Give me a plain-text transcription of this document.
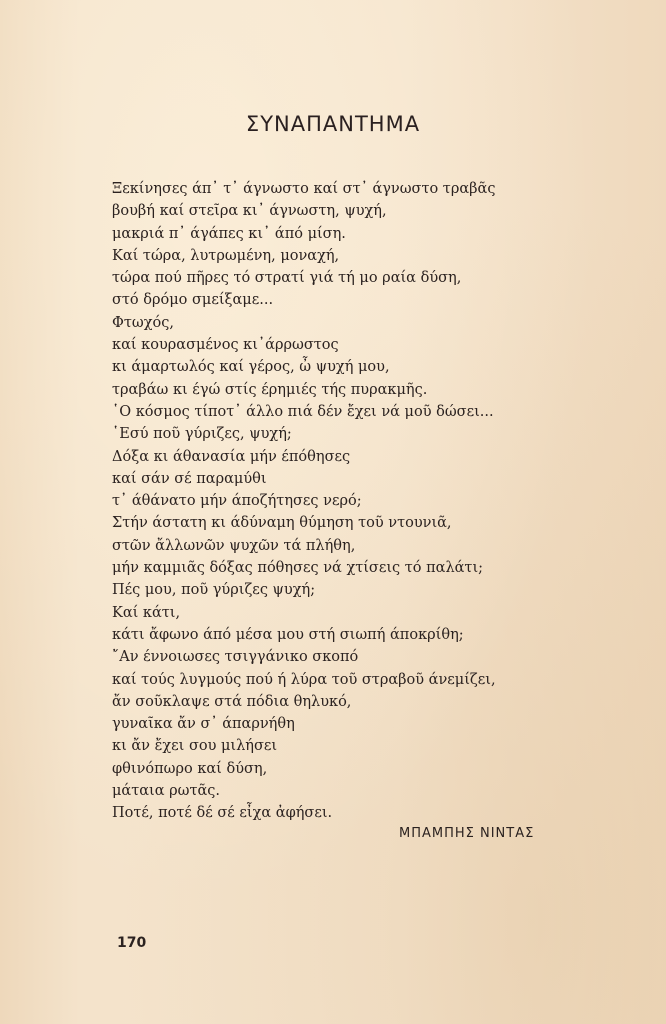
ΣΥΝΑΠΑΝΤΗΜΑ
Ξεκίνησες άπ᾽ τ᾽ άγνωστο καί στ᾽ άγνωστο τραβᾶς
βουβή καί στεῖρα κι᾽ άγνωστη, ψυχή,
μακριά π᾽ άγάπες κι᾽ άπό μίση.
Καί τώρα, λυτρωμένη, μοναχή,
τώρα πού πῆρες τό στρατί γιά τή μο ραία δύση,
στό δρόμο σμείξαμε...
Φτωχός,
καί κουρασμένος κι᾽άρρωστος
κι άμαρτωλός καί γέρος, ὦ ψυχή μου,
τραβάω κι έγώ στίς έρημιές τής πυρακμῆς.
῾Ο κόσμος τίποτ᾽ άλλο πιά δέν ἔχει νά μοῦ δώσει...
῾Εσύ ποῦ γύριζες, ψυχή;
Δόξα κι άθανασία μήν έπόθησες
καί σάν σέ παραμύθι
τ᾽ άθάνατο μήν άποζήτησες νερό;
Στήν άστατη κι άδύναμη θύμηση τοῦ ντουνιᾶ,
στῶν ἄλλωνῶν ψυχῶν τά πλήθη,
μήν καμμιᾶς δόξας πόθησες νά χτίσεις τό παλάτι;
Πές μου, ποῦ γύριζες ψυχή;
Καί κάτι,
κάτι ἄφωνο άπό μέσα μου στή σιωπή άποκρίθη;
῎Αν έννοιωσες τσιγγάνικο σκοπό
καί τούς λυγμούς πού ή λύρα τοῦ στραβοῦ άνεμίζει,
ἄν σοῦκλαψε στά πόδια θηλυκό,
γυναῖκα ἄν σ᾽ άπαρνήθη
κι ἄν ἔχει σου μιλήσει
φθινόπωρο καί δύση,
μάταια ρωτᾶς.
Ποτέ, ποτέ δέ σέ εἶχα ἀφήσει.
ΜΠΑΜΠΗΣ ΝΙΝΤΑΣ
170
